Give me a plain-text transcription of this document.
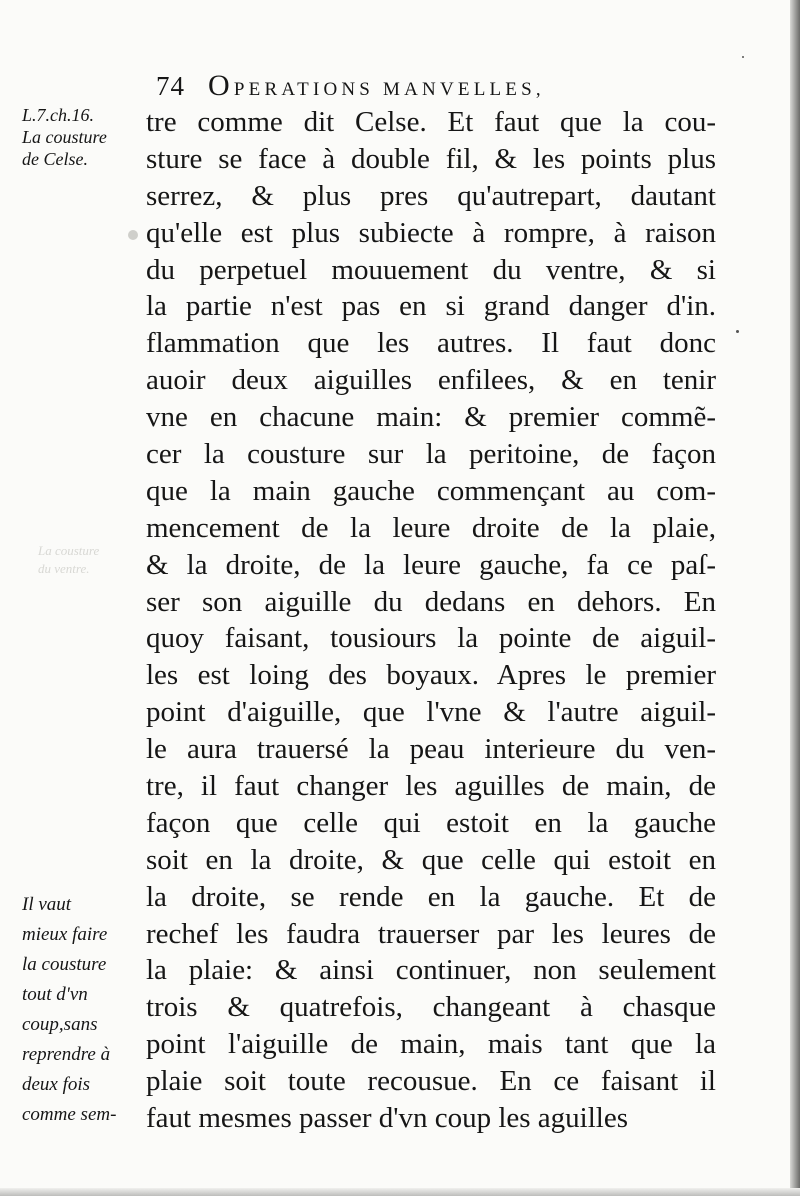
74 OPERATIONS MANVELLES,
L.7.ch.16.
La cousture
de Celse.
Il vaut
mieux faire
la cousture
tout d'vn
coup,sans
reprendre à
deux fois
comme sem-
La cousture
du ventre.
tre comme dit Celse. Et faut que la cou-
sture se face à double fil, & les points plus
serrez, & plus pres qu'autrepart, dautant
qu'elle est plus subiecte à rompre, à raison
du perpetuel mouuement du ventre, & si
la partie n'est pas en si grand danger d'in.
flammation que les autres. Il faut donc
auoir deux aiguilles enfilees, & en tenir
vne en chacune main: & premier commẽ-
cer la cousture sur la peritoine, de façon
que la main gauche commençant au com-
mencement de la leure droite de la plaie,
& la droite, de la leure gauche, fa ce paſ-
ser son aiguille du dedans en dehors. En
quoy faisant, tousiours la pointe de aiguil-
les est loing des boyaux. Apres le premier
point d'aiguille, que l'vne & l'autre aiguil-
le aura trauersé la peau interieure du ven-
tre, il faut changer les aguilles de main, de
façon que celle qui estoit en la gauche
soit en la droite, & que celle qui estoit en
la droite, se rende en la gauche. Et de
rechef les faudra trauerser par les leures de
la plaie: & ainsi continuer, non seulement
trois & quatrefois, changeant à chasque
point l'aiguille de main, mais tant que la
plaie soit toute recousue. En ce faisant il
faut mesmes passer d'vn coup les aguilles
